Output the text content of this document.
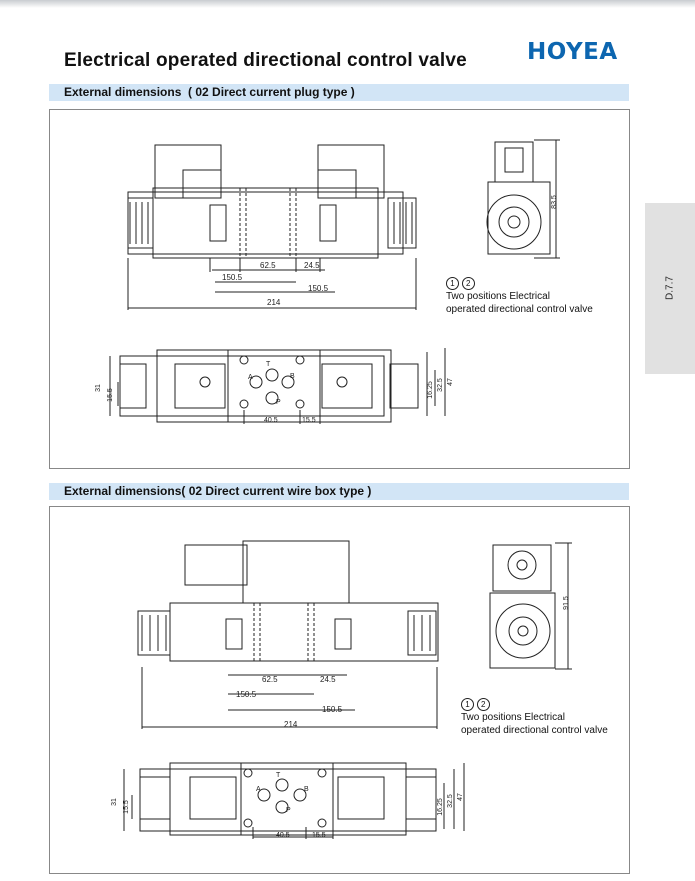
Electrical operated directional control valve	HOYEA
D.7.7
External dimensions  ( 02 Direct current plug type )
62.5	24.5
150.5
150.5
214
83.5
31
15.5	16.25 32.5 47
40.5	15.5
A	B
P
T
1 2
Two positions Electrical
operated directional control valve
External dimensions( 02 Direct current wire box type )
62.5	24.5
150.5
150.5
214
91.5
31 15.5	16.25 32.5 47
40.5	15.5
A	B
P
T
1 2
Two positions Electrical
operated directional control valve
